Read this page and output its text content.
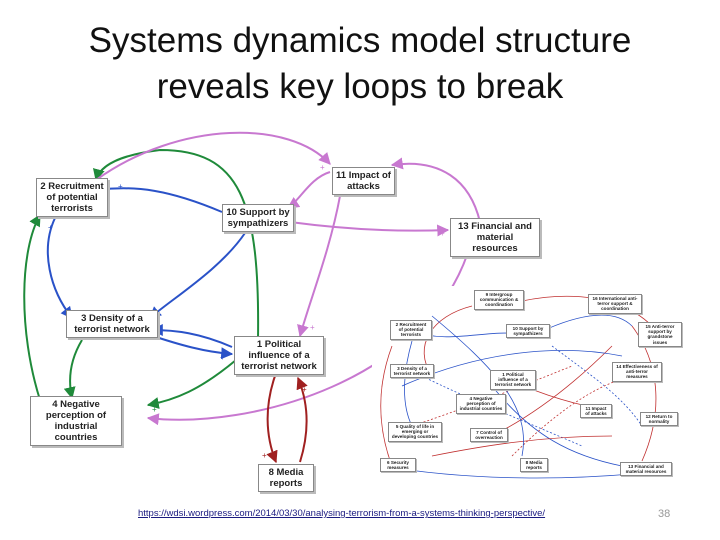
Systems dynamics model structure
reveals key loops to break
+
+
+
+
+
+
+
+
+
2 Recruitment of potential terrorists	10 Support by sympathizers
11 Impact of attacks
13 Financial and material resources
3 Density of a terrorist network
1 Political influence of a terrorist network
4 Negative perception of industrial countries
8 Media reports
9 Intergroup communication & coordination
16 International anti-terror support & coordination
2 Recruitment of potential terrorists
10 Support by sympathizers
15 Anti-terror support by grandstone issues
3 Density of a terrorist network	1 Political influence of a terrorist network
14 Effectiveness of anti-terror measures
4 Negative perception of industrial countries	11 Impact of attacks
12 Return to normality
5 Quality of life in emerging or developing countries
7 Control of overreaction
6 Security measures
8 Media reports	13 Financial and material resources
https://wdsi.wordpress.com/2014/03/30/analysing-terrorism-from-a-systems-thinking-perspective/	38
